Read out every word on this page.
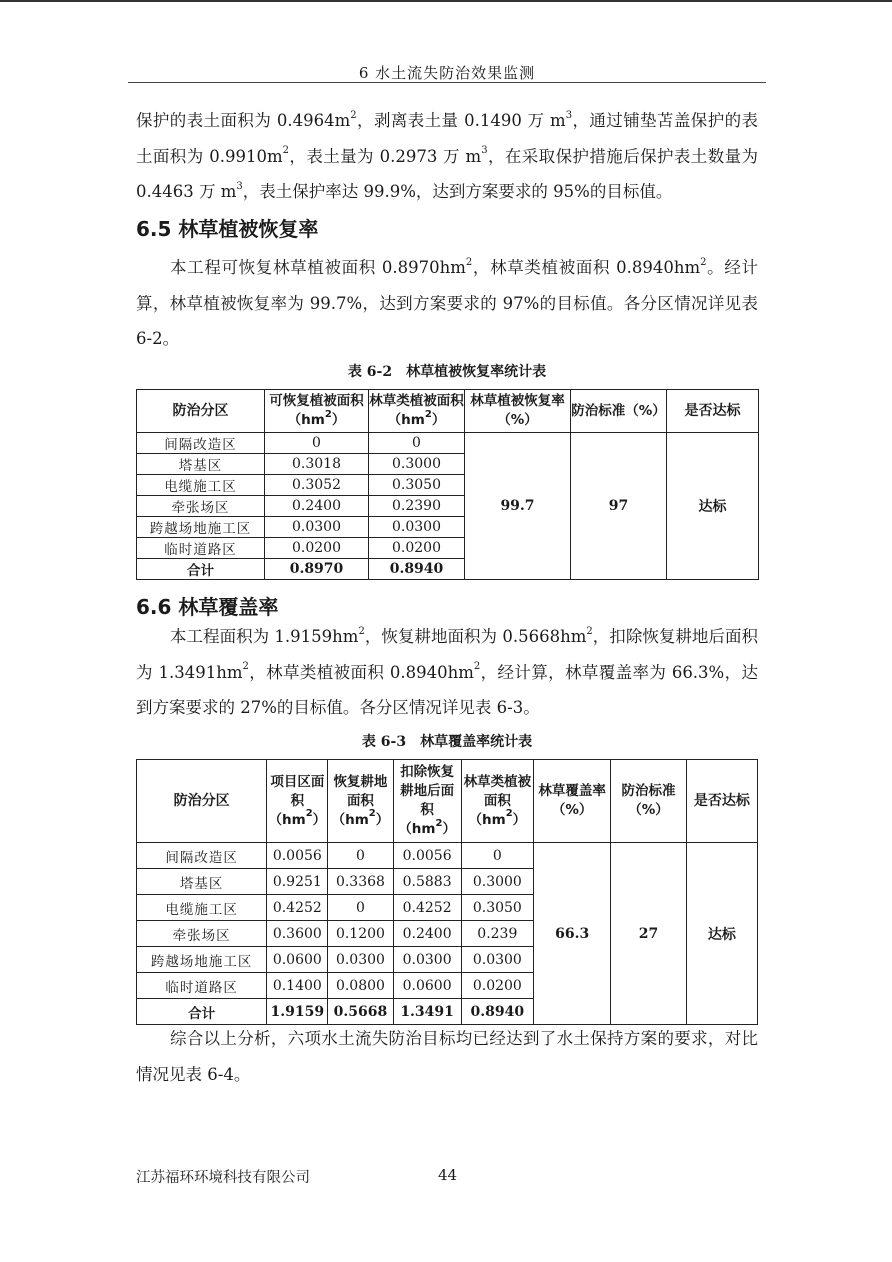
6 水土流失防治效果监测

保护的表土面积为 $0.4964m^2$，剥离表土量 0.1490 万 $m^3$，通过铺垫苫盖保护的表土面积为 $0.9910m^2$，表土量为 0.2973 万 $m^3$，在采取保护措施后保护表土数量为 0.4463 万 $m^3$，表土保护率达 99.9%，达到方案要求的 95%的目标值。

6.5 林草植被恢复率

本工程可恢复林草植被面积 $0.8970hm^2$，林草类植被面积 $0.8940hm^2$。经计算，林草植被恢复率为 99.7%，达到方案要求的 97%的目标值。各分区情况详见表 6-2。

表 6-2　林草植被恢复率统计表
防治分区	可恢复植被面积$(hm^2)$	林草类植被面积$(hm^2)$	林草植被恢复率（%）	防治标准（%）	是否达标
间隔改造区	0	0	99.7	97	达标
塔基区	0.3018	0.3000			
电缆施工区	0.3052	0.3050			
牵张场区	0.2400	0.2390			
跨越场地施工区	0.0300	0.0300			
临时道路区	0.0200	0.0200			
合计	0.8970	0.8940			
6.6 林草覆盖率

本工程面积为 $1.9159hm^2$，恢复耕地面积为 $0.5668hm^2$，扣除恢复耕地后面积为 $1.3491hm^2$，林草类植被面积 $0.8940hm^2$，经计算，林草覆盖率为 66.3%，达到方案要求的 27%的目标值。各分区情况详见表 6-3。

表 6-3　林草覆盖率统计表
防治分区	项目区面积$(hm^2)$	恢复耕地面积$(hm^2)$	扣除恢复耕地后面积$(hm^2)$	林草类植被面积$(hm^2)$	林草覆盖率（%）	防治标准（%）	是否达标
间隔改造区	0.0056	0	0.0056	0	66.3	27	达标
塔基区	0.9251	0.3368	0.5883	0.3000			
电缆施工区	0.4252	0	0.4252	0.3050			
牵张场区	0.3600	0.1200	0.2400	0.239			
跨越场地施工区	0.0600	0.0300	0.0300	0.0300			
临时道路区	0.1400	0.0800	0.0600	0.0200			
合计	1.9159	0.5668	1.3491	0.8940			

综合以上分析，六项水土流失防治目标均已经达到了水土保持方案的要求，对比情况见表 6-4。

江苏福环环境科技有限公司	44
